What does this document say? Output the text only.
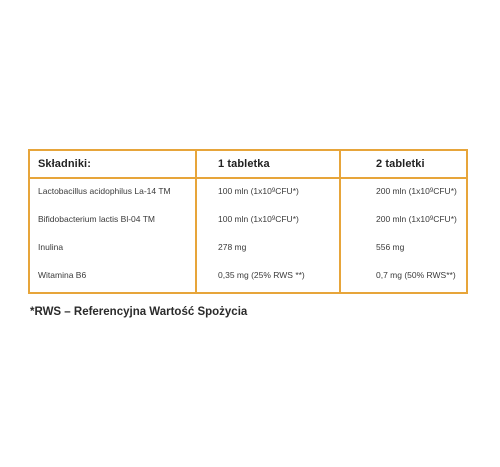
Składniki:	1 tabletka	2 tabletki
Lactobacillus acidophilus La-14 TM	100 mln (1x10 9 CFU*)	200 mln (1x10 9 CFU*)
Bifidobacterium lactis Bl-04 TM	100 mln (1x10 9 CFU*)	200 mln (1x10 9 CFU*)
Inulina	278 mg	556 mg
Witamina B6	0,35 mg (25% RWS **)	0,7 mg (50% RWS**)
*RWS – Referencyjna Wartość Spożycia
